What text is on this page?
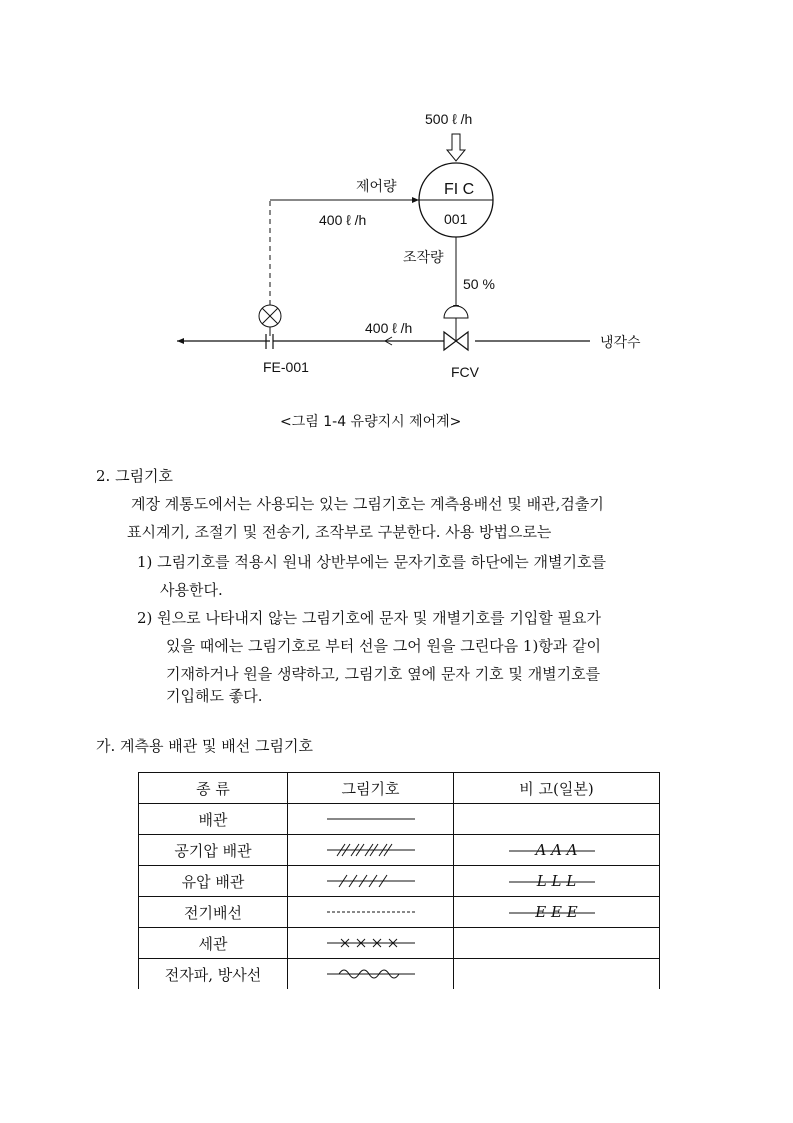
500 ℓ /h
FI C
001
제어량
400 ℓ /h
조작량
50 %
400 ℓ /h
냉각수
FE-001	FCV
<그림 1-4 유량지시 제어계>
2. 그림기호
계장 계통도에서는 사용되는 있는 그림기호는 계측용배선 및 배관,검출기
표시계기, 조절기 및 전송기, 조작부로 구분한다. 사용 방법으로는
1) 그림기호를 적용시 원내 상반부에는 문자기호를 하단에는 개별기호를
사용한다.
2) 원으로 나타내지 않는 그림기호에 문자 및 개별기호를 기입할 필요가
있을 때에는 그림기호로 부터 선을 그어 원을 그린다음 1)항과 같이
기재하거나 원을 생략하고, 그림기호 옆에 문자 기호 및 개별기호를
기입해도 좋다.
가. 계측용 배관 및 배선 그림기호
종 류	그림기호	비 고(일본)
배관	

공기압 배관		A A A
유압 배관		L L L
전기배선		E E E
세관	

전자파, 방사선	
